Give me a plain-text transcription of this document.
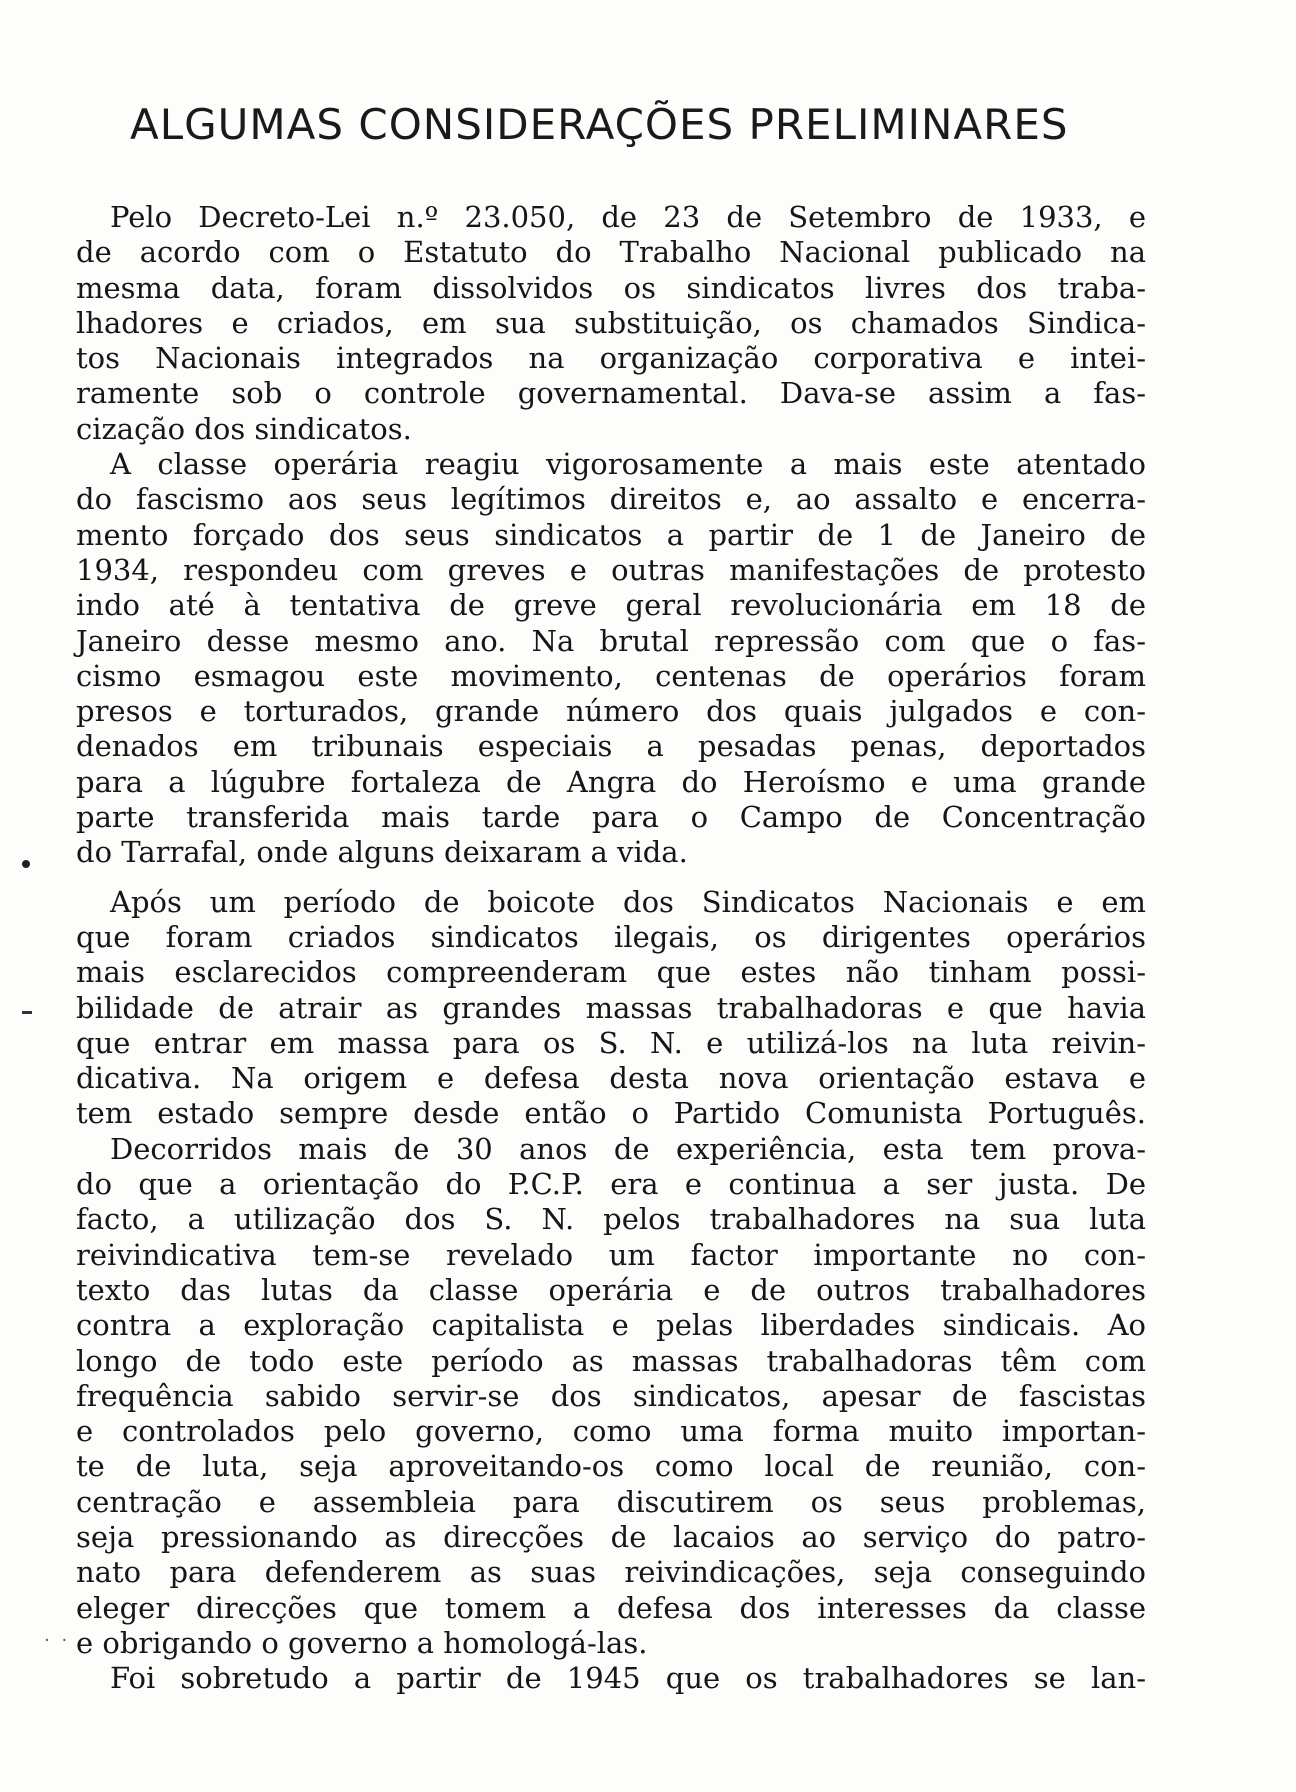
ALGUMAS CONSIDERAÇÕES PRELIMINARES
Pelo Decreto-Lei n.º 23.050, de 23 de Setembro de 1933, e
de acordo com o Estatuto do Trabalho Nacional publicado na
mesma data, foram dissolvidos os sindicatos livres dos traba-
lhadores e criados, em sua substituição, os chamados Sindica-
tos Nacionais integrados na organização corporativa e intei-
ramente sob o controle governamental. Dava-se assim a fas-
cização dos sindicatos.
A classe operária reagiu vigorosamente a mais este atentado
do fascismo aos seus legítimos direitos e, ao assalto e encerra-
mento forçado dos seus sindicatos a partir de 1 de Janeiro de
1934, respondeu com greves e outras manifestações de protesto
indo até à tentativa de greve geral revolucionária em 18 de
Janeiro desse mesmo ano. Na brutal repressão com que o fas-
cismo esmagou este movimento, centenas de operários foram
presos e torturados, grande número dos quais julgados e con-
denados em tribunais especiais a pesadas penas, deportados
para a lúgubre fortaleza de Angra do Heroísmo e uma grande
parte transferida mais tarde para o Campo de Concentração
do Tarrafal, onde alguns deixaram a vida.
Após um período de boicote dos Sindicatos Nacionais e em
que foram criados sindicatos ilegais, os dirigentes operários
mais esclarecidos compreenderam que estes não tinham possi-
bilidade de atrair as grandes massas trabalhadoras e que havia
que entrar em massa para os S. N. e utilizá-los na luta reivin-
dicativa. Na origem e defesa desta nova orientação estava e
tem estado sempre desde então o Partido Comunista Português.
Decorridos mais de 30 anos de experiência, esta tem prova-
do que a orientação do P.C.P. era e continua a ser justa. De
facto, a utilização dos S. N. pelos trabalhadores na sua luta
reivindicativa tem-se revelado um factor importante no con-
texto das lutas da classe operária e de outros trabalhadores
contra a exploração capitalista e pelas liberdades sindicais. Ao
longo de todo este período as massas trabalhadoras têm com
frequência sabido servir-se dos sindicatos, apesar de fascistas
e controlados pelo governo, como uma forma muito importan-
te de luta, seja aproveitando-os como local de reunião, con-
centração e assembleia para discutirem os seus problemas,
seja pressionando as direcções de lacaios ao serviço do patro-
nato para defenderem as suas reivindicações, seja conseguindo
eleger direcções que tomem a defesa dos interesses da classe
e obrigando o governo a homologá-las.
Foi sobretudo a partir de 1945 que os trabalhadores se lan-
. .
